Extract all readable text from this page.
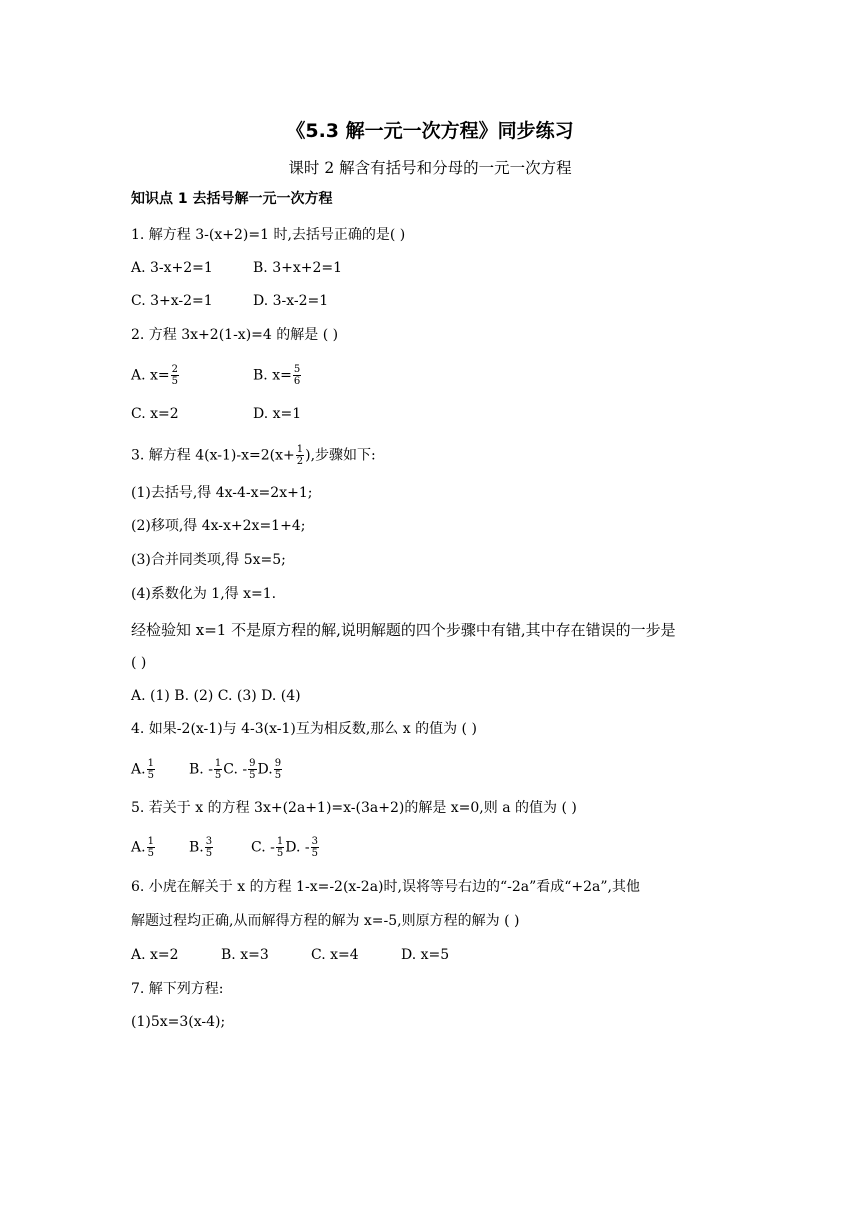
《5.3 解一元一次方程》同步练习
课时 2 解含有括号和分母的一元一次方程
知识点 1 去括号解一元一次方程
1. 解方程 3-(x+2)=1 时,去括号正确的是( )
A. 3-x+2=1	B. 3+x+2=1
C. 3+x-2=1	D. 3-x-2=1
2. 方程 3x+2(1-x)=4 的解是 ( )
A. $x= \frac{2}{5}$	B. $x= \frac{5}{6}$
C. x=2	D. x=1
3. 解方程 $4(x-1)-x=2(x+ \frac{1}{2}$ ),步骤如下:
(1)去括号,得 4x-4-x=2x+1;
(2)移项,得 4x-x+2x=1+4;
(3)合并同类项,得 5x=5;
(4)系数化为 1,得 x=1.
经检验知 x=1 不是原方程的解,说明解题的四个步骤中有错,其中存在错误的一步是
( )
A. (1) B. (2) C. (3) D. (4)
4. 如果-2(x-1)与 4-3(x-1)互为相反数,那么 x 的值为 ( )
A. $\frac{1}{5} B$. - $\frac{1}{5} C$. - $\frac{9}{5} D$. $\frac{9}{5}$
5. 若关于 x 的方程 3x+(2a+1)=x-(3a+2)的解是 x=0,则 a 的值为 ( )
A. $\frac{1}{5} B$. $\frac{3}{5}$	C. - $\frac{1}{5} D$. - $\frac{3}{5}$
6. 小虎在解关于 x 的方程 1-x=-2(x-2a)时,误将等号右边的“-2a”看成“+2a”,其他
解题过程均正确,从而解得方程的解为 x=-5,则原方程的解为 ( )
A. x=2	B. x=3	C. x=4	D. x=5
7. 解下列方程:
(1)5x=3(x-4);
